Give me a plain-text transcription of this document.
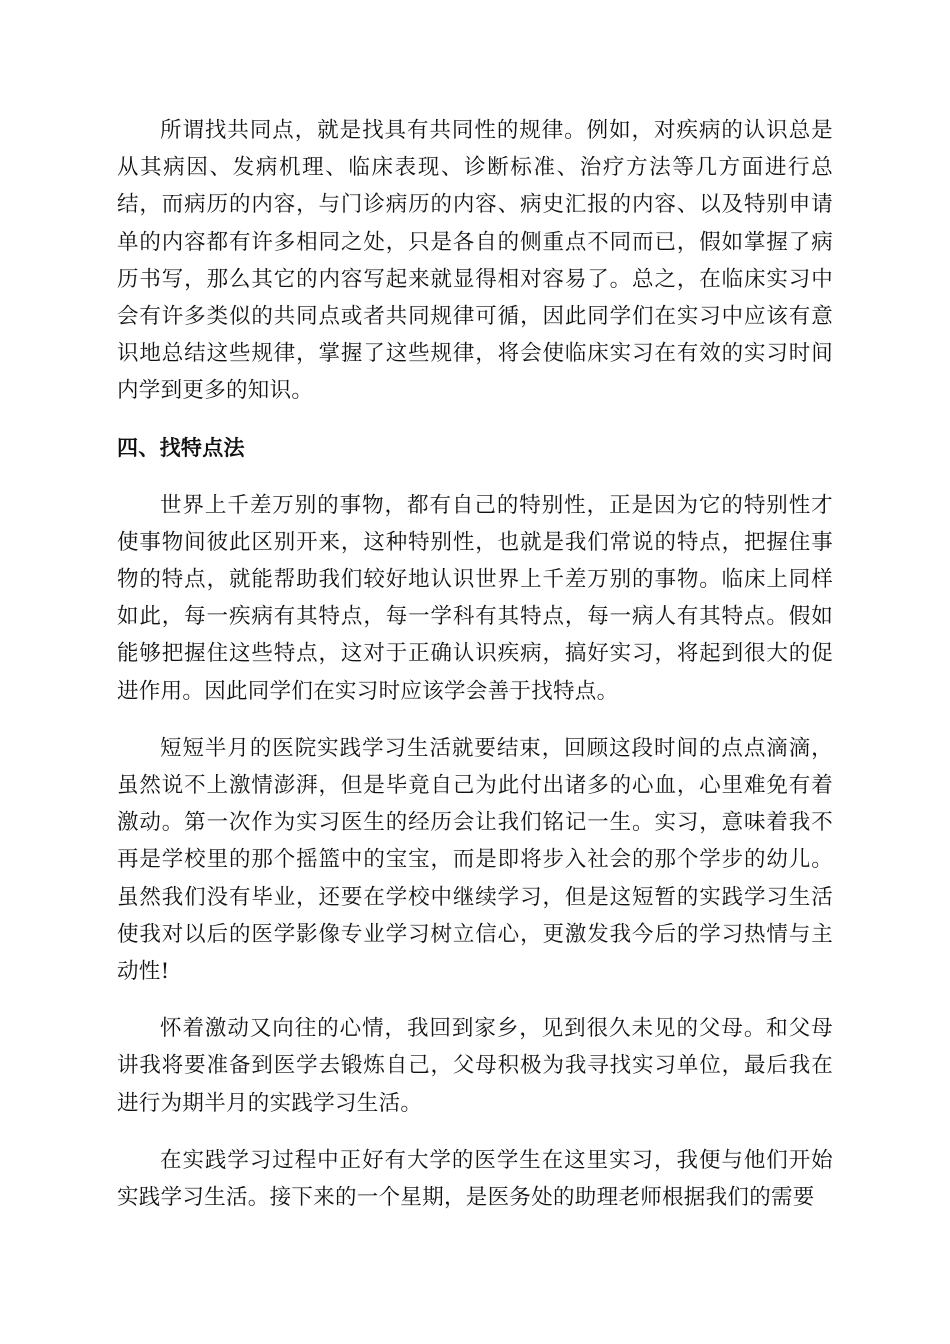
所谓找共同点，就是找具有共同性的规律。例如，对疾病的认识总是从其病因、发病机理、临床表现、诊断标准、治疗方法等几方面进行总结，而病历的内容，与门诊病历的内容、病史汇报的内容、以及特别申请单的内容都有许多相同之处，只是各自的侧重点不同而已，假如掌握了病历书写，那么其它的内容写起来就显得相对容易了。总之，在临床实习中会有许多类似的共同点或者共同规律可循，因此同学们在实习中应该有意识地总结这些规律，掌握了这些规律，将会使临床实习在有效的实习时间内学到更多的知识。

四、找特点法

世界上千差万别的事物，都有自己的特别性，正是因为它的特别性才使事物间彼此区别开来，这种特别性，也就是我们常说的特点，把握住事物的特点，就能帮助我们较好地认识世界上千差万别的事物。临床上同样如此，每一疾病有其特点，每一学科有其特点，每一病人有其特点。假如能够把握住这些特点，这对于正确认识疾病，搞好实习，将起到很大的促进作用。因此同学们在实习时应该学会善于找特点。

短短半月的医院实践学习生活就要结束，回顾这段时间的点点滴滴，虽然说不上激情澎湃，但是毕竟自己为此付出诸多的心血，心里难免有着激动。第一次作为实习医生的经历会让我们铭记一生。实习，意味着我不再是学校里的那个摇篮中的宝宝，而是即将步入社会的那个学步的幼儿。虽然我们没有毕业，还要在学校中继续学习，但是这短暂的实践学习生活使我对以后的医学影像专业学习树立信心，更激发我今后的学习热情与主动性!

怀着激动又向往的心情，我回到家乡，见到很久未见的父母。和父母讲我将要准备到医学去锻炼自己，父母积极为我寻找实习单位，最后我在进行为期半月的实践学习生活。

在实践学习过程中正好有大学的医学生在这里实习，我便与他们开始实践学习生活。接下来的一个星期，是医务处的助理老师根据我们的需要
